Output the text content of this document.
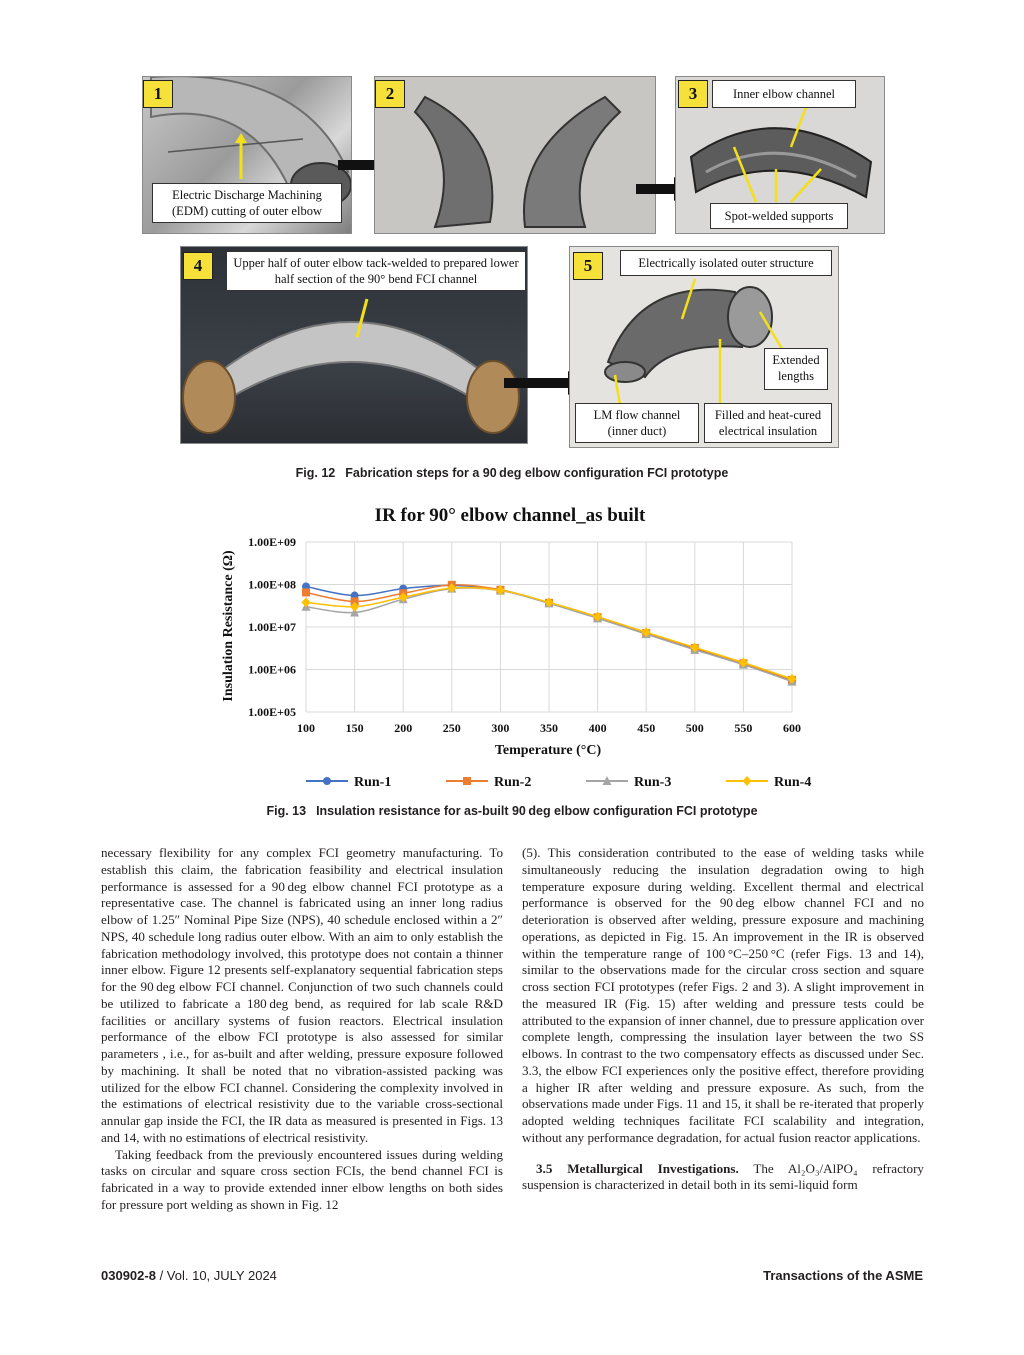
1
Electric Discharge Machining (EDM) cutting of outer elbow
2	3	Inner elbow channel
Spot-welded supports
4	Upper half of outer elbow tack-welded to prepared lower half section of the 90° bend FCI channel
5	Electrically isolated outer structure
Extended lengths
LM flow channel (inner duct)
Filled and heat-cured electrical insulation
Fig. 12 Fabrication steps for a 90 deg elbow configuration FCI prototype
IR for 90° elbow channel_as built
1.00E+09
1.00E+08
1.00E+07
1.00E+06
1.00E+05
100	150	200	250	300	350	400	450	500	550	600
Temperature (°C)
Insulation Resistance (Ω)
Run-1	Run-2	Run-3	Run-4
Fig. 13 Insulation resistance for as-built 90 deg elbow configuration FCI prototype

necessary flexibility for any complex FCI geometry manufacturing. To establish this claim, the fabrication feasibility and electrical insulation performance is assessed for a 90 deg elbow channel FCI prototype as a representative case. The channel is fabricated using an inner long radius elbow of 1.25″ Nominal Pipe Size (NPS), 40 schedule enclosed within a 2″ NPS, 40 schedule long radius outer elbow. With an aim to only establish the fabrication methodology involved, this prototype does not contain a thinner inner elbow. Figure 12 presents self-explanatory sequential fabrication steps for the 90 deg elbow FCI channel. Conjunction of two such channels could be utilized to fabricate a 180 deg bend, as required for lab scale R&D facilities or ancillary systems of fusion reactors. Electrical insulation performance of the elbow FCI prototype is also assessed for similar parameters , i.e., for as-built and after welding, pressure exposure followed by machining. It shall be noted that no vibration-assisted packing was utilized for the elbow FCI channel. Considering the complexity involved in the estimations of electrical resistivity due to the variable cross-sectional annular gap inside the FCI, the IR data as measured is presented in Figs. 13 and 14, with no estimations of electrical resistivity.

Taking feedback from the previously encountered issues during welding tasks on circular and square cross section FCIs, the bend channel FCI is fabricated in a way to provide extended inner elbow lengths on both sides for pressure port welding as shown in Fig. 12

(5). This consideration contributed to the ease of welding tasks while simultaneously reducing the insulation degradation owing to high temperature exposure during welding. Excellent thermal and electrical performance is observed for the 90 deg elbow channel FCI and no deterioration is observed after welding, pressure exposure and machining operations, as depicted in Fig. 15. An improvement in the IR is observed within the temperature range of 100 °C–250 °C (refer Figs. 13 and 14), similar to the observations made for the circular cross section and square cross section FCI prototypes (refer Figs. 2 and 3). A slight improvement in the measured IR (Fig. 15) after welding and pressure tests could be attributed to the expansion of inner channel, due to pressure application over complete length, compressing the insulation layer between the two SS elbows. In contrast to the two compensatory effects as discussed under Sec. 3.3, the elbow FCI experiences only the positive effect, therefore providing a higher IR after welding and pressure exposure. As such, from the observations made under Figs. 11 and 15, it shall be re-iterated that properly adopted welding techniques facilitate FCI scalability and integration, without any performance degradation, for actual fusion reactor applications.

3.5 Metallurgical Investigations. The Al₂O₃/AlPO₄ refractory suspension is characterized in detail both in its semi-liquid form

030902-8 / Vol. 10, JULY 2024	Transactions of the ASME
